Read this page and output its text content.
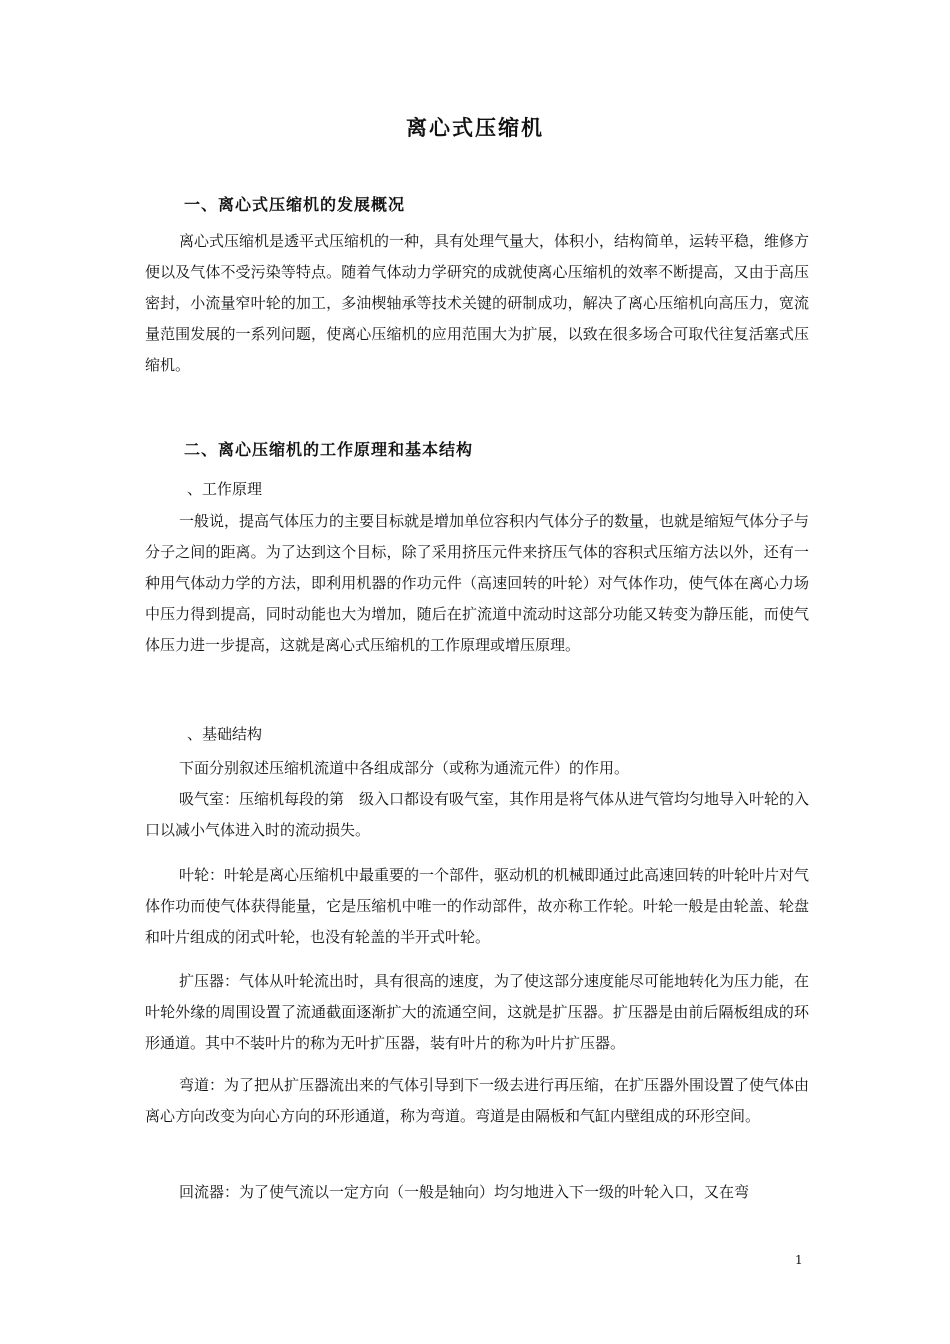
离心式压缩机
一、离心式压缩机的发展概况

离心式压缩机是透平式压缩机的一种，具有处理气量大，体积小，结构简单，运转平稳，维修方便以及气体不受污染等特点。随着气体动力学研究的成就使离心压缩机的效率不断提高，又由于高压密封，小流量窄叶轮的加工，多油楔轴承等技术关键的研制成功，解决了离心压缩机向高压力，宽流量范围发展的一系列问题，使离心压缩机的应用范围大为扩展，以致在很多场合可取代往复活塞式压缩机。

二、离心压缩机的工作原理和基本结构
、工作原理

一般说，提高气体压力的主要目标就是增加单位容积内气体分子的数量，也就是缩短气体分子与分子之间的距离。为了达到这个目标，除了采用挤压元件来挤压气体的容积式压缩方法以外，还有一种用气体动力学的方法，即利用机器的作功元件（高速回转的叶轮）对气体作功，使气体在离心力场中压力得到提高，同时动能也大为增加，随后在扩流道中流动时这部分功能又转变为静压能，而使气体压力进一步提高，这就是离心式压缩机的工作原理或增压原理。

、基础结构

下面分别叙述压缩机流道中各组成部分（或称为通流元件）的作用。

吸气室：压缩机每段的第　级入口都设有吸气室，其作用是将气体从进气管均匀地导入叶轮的入口以减小气体进入时的流动损失。

叶轮：叶轮是离心压缩机中最重要的一个部件，驱动机的机械即通过此高速回转的叶轮叶片对气体作功而使气体获得能量，它是压缩机中唯一的作动部件，故亦称工作轮。叶轮一般是由轮盖、轮盘和叶片组成的闭式叶轮，也没有轮盖的半开式叶轮。

扩压器：气体从叶轮流出时，具有很高的速度，为了使这部分速度能尽可能地转化为压力能，在叶轮外缘的周围设置了流通截面逐渐扩大的流通空间，这就是扩压器。扩压器是由前后隔板组成的环形通道。其中不装叶片的称为无叶扩压器，装有叶片的称为叶片扩压器。

弯道：为了把从扩压器流出来的气体引导到下一级去进行再压缩，在扩压器外围设置了使气体由离心方向改变为向心方向的环形通道，称为弯道。弯道是由隔板和气缸内壁组成的环形空间。

回流器：为了使气流以一定方向（一般是轴向）均匀地进入下一级的叶轮入口，又在弯

1
